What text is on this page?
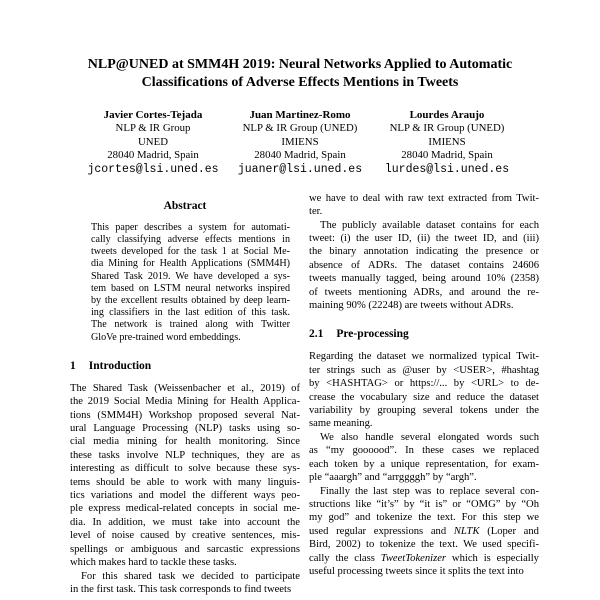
NLP@UNED at SMM4H 2019: Neural Networks Applied to Automatic
Classifications of Adverse Effects Mentions in Tweets
Javier Cortes-Tejada
NLP & IR Group
UNED
28040 Madrid, Spain
jcortes@lsi.uned.es
Juan Martinez-Romo
NLP & IR Group (UNED)
IMIENS
28040 Madrid, Spain
juaner@lsi.uned.es
Lourdes Araujo
NLP & IR Group (UNED)
IMIENS
28040 Madrid, Spain
lurdes@lsi.uned.es
Abstract
This paper describes a system for automati-
cally classifying adverse effects mentions in
tweets developed for the task 1 at Social Me-
dia Mining for Health Applications (SMM4H)
Shared Task 2019. We have developed a sys-
tem based on LSTM neural networks inspired
by the excellent results obtained by deep learn-
ing classifiers in the last edition of this task.
The network is trained along with Twitter
GloVe pre-trained word embeddings.
1 Introduction
The Shared Task (Weissenbacher et al., 2019) of
the 2019 Social Media Mining for Health Applica-
tions (SMM4H) Workshop proposed several Nat-
ural Language Processing (NLP) tasks using so-
cial media mining for health monitoring. Since
these tasks involve NLP techniques, they are as
interesting as difficult to solve because these sys-
tems should be able to work with many linguis-
tics variations and model the different ways peo-
ple express medical-related concepts in social me-
dia. In addition, we must take into account the
level of noise caused by creative sentences, mis-
spellings or ambiguous and sarcastic expressions
which makes hard to tackle these tasks.
For this shared task we decided to participate
in the first task. This task corresponds to find tweets
we have to deal with raw text extracted from Twit-
ter.
The publicly available dataset contains for each
tweet: (i) the user ID, (ii) the tweet ID, and (iii)
the binary annotation indicating the presence or
absence of ADRs. The dataset contains 24606
tweets manually tagged, being around 10% (2358)
of tweets mentioning ADRs, and around the re-
maining 90% (22248) are tweets without ADRs.
2.1 Pre-processing
Regarding the dataset we normalized typical Twit-
ter strings such as @user by <USER>, #hashtag
by <HASHTAG> or https://... by <URL> to de-
crease the vocabulary size and reduce the dataset
variability by grouping several tokens under the
same meaning.
We also handle several elongated words such
as “my goooood”. In these cases we replaced
each token by a unique representation, for exam-
ple “aaargh” and “arrggggh” by “argh”.
Finally the last step was to replace several con-
structions like “it’s” by “it is” or “OMG” by “Oh
my god” and tokenize the text. For this step we
used regular expressions and NLTK (Loper and
Bird, 2002) to tokenize the text. We used specifi-
cally the class TweetTokenizer which is especially
useful processing tweets since it splits the text into
